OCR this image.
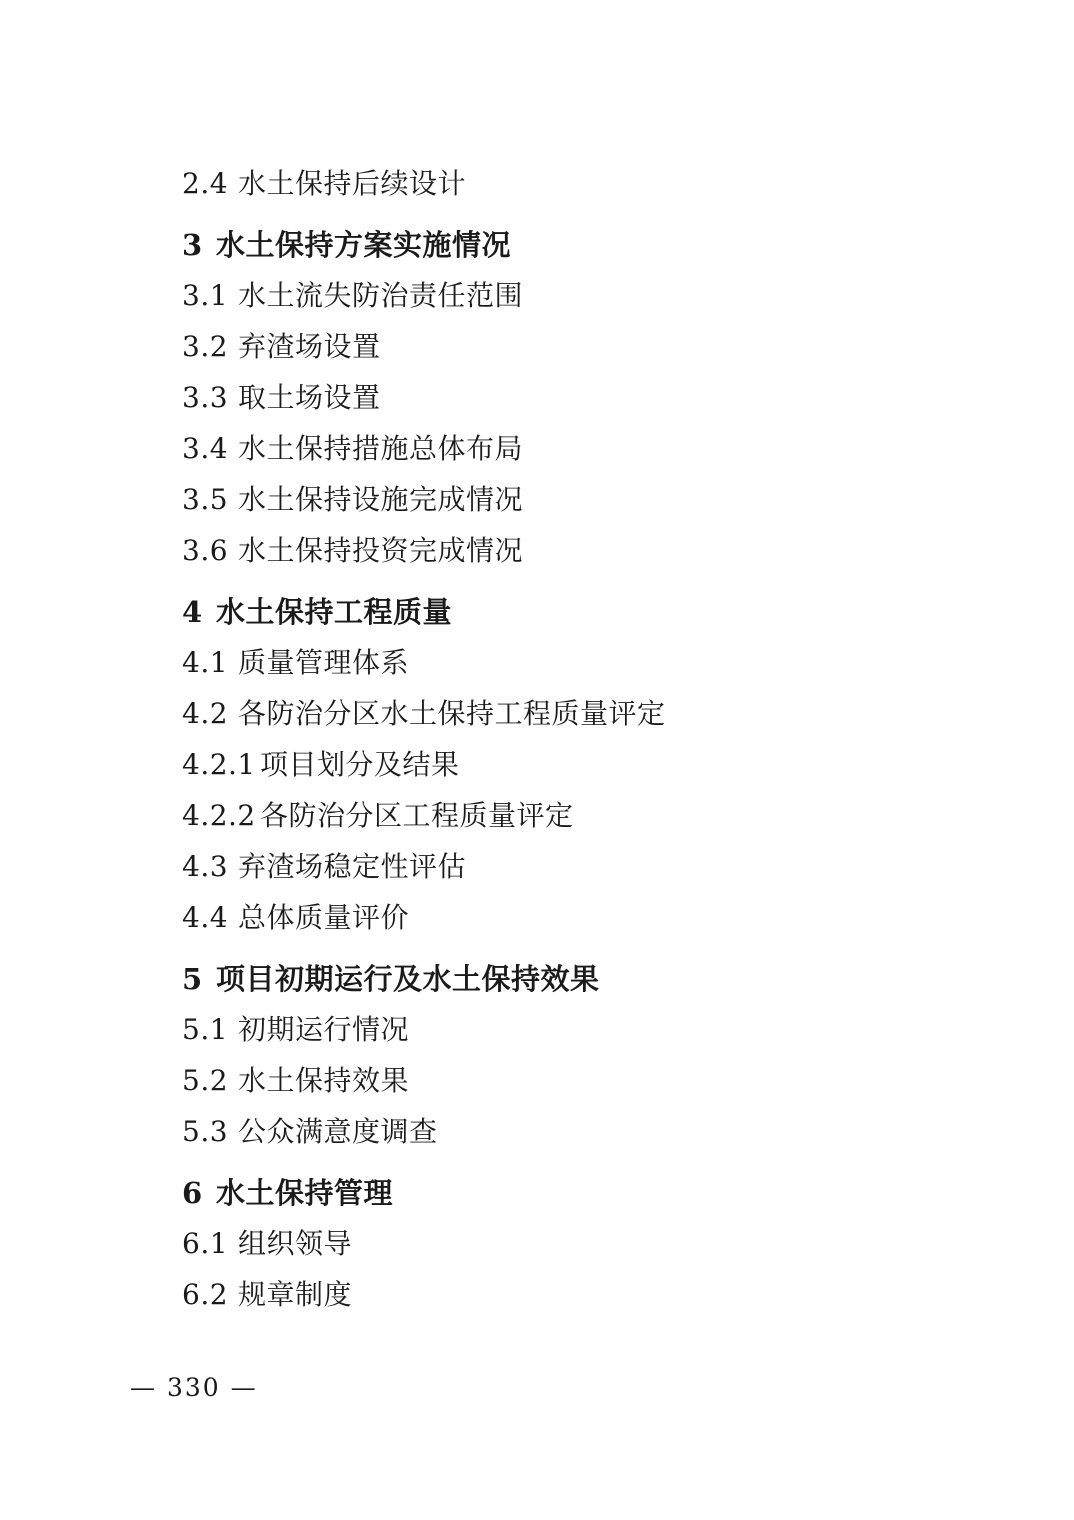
2.4 水土保持后续设计
3 水土保持方案实施情况
3.1 水土流失防治责任范围
3.2 弃渣场设置
3.3 取土场设置
3.4 水土保持措施总体布局
3.5 水土保持设施完成情况
3.6 水土保持投资完成情况
4 水土保持工程质量
4.1 质量管理体系
4.2 各防治分区水土保持工程质量评定
4.2.1 项目划分及结果
4.2.2 各防治分区工程质量评定
4.3 弃渣场稳定性评估
4.4 总体质量评价
5 项目初期运行及水土保持效果
5.1 初期运行情况
5.2 水土保持效果
5.3 公众满意度调查
6 水土保持管理
6.1 组织领导
6.2 规章制度
— 330 —
